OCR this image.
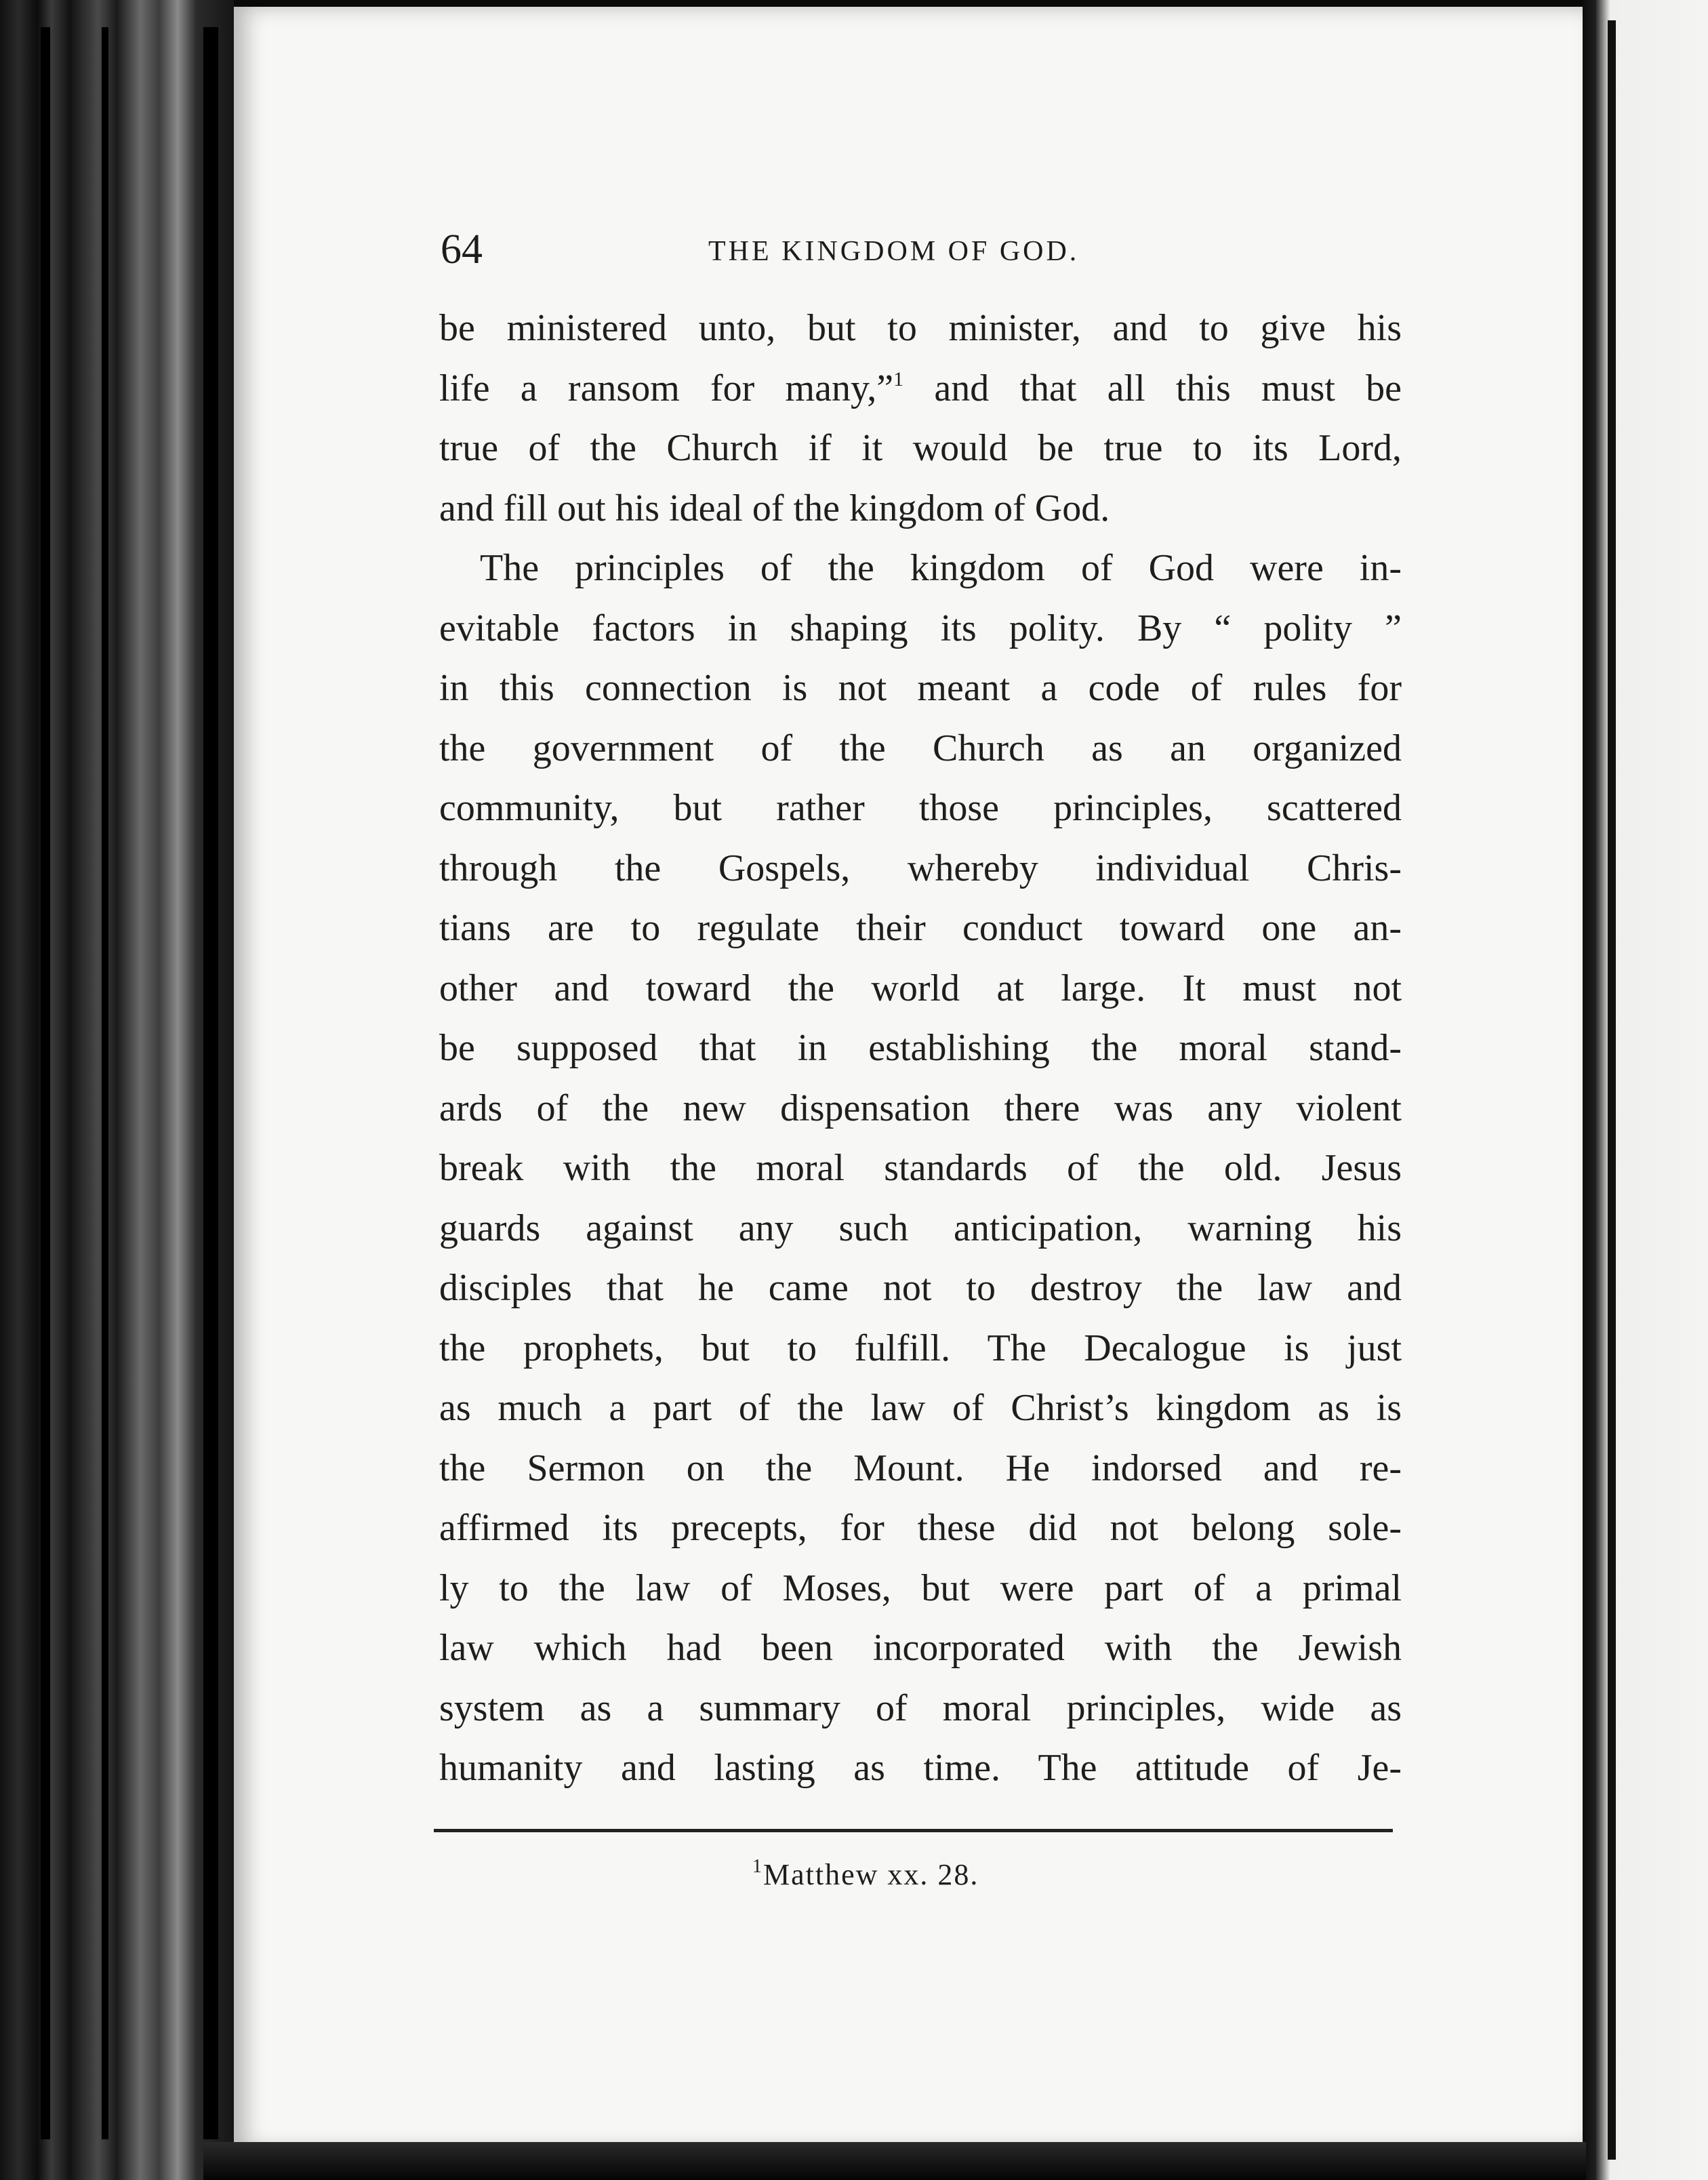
64	THE KINGDOM OF GOD.

be ministered unto, but to minister, and to give his
life a ransom for many,”$^1$ and that all this must be
true of the Church if it would be true to its Lord,
and fill out his ideal of the kingdom of God.

The principles of the kingdom of God were in-
evitable factors in shaping its polity. By “ polity ”
in this connection is not meant a code of rules for
the government of the Church as an organized
community, but rather those principles, scattered
through the Gospels, whereby individual Chris-
tians are to regulate their conduct toward one an-
other and toward the world at large. It must not
be supposed that in establishing the moral stand-
ards of the new dispensation there was any violent
break with the moral standards of the old. Jesus
guards against any such anticipation, warning his
disciples that he came not to destroy the law and
the prophets, but to fulfill. The Decalogue is just
as much a part of the law of Christ’s kingdom as is
the Sermon on the Mount. He indorsed and re-
affirmed its precepts, for these did not belong sole-
ly to the law of Moses, but were part of a primal
law which had been incorporated with the Jewish
system as a summary of moral principles, wide as
humanity and lasting as time. The attitude of Je-

$^1$Matthew xx. 28.
